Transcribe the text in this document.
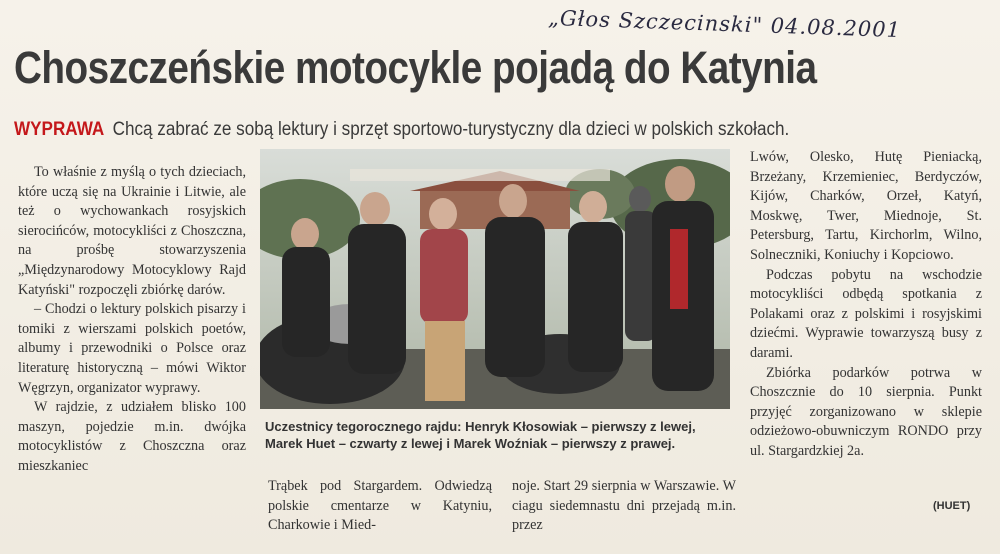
„Głos Szczecinski" 04.08.2001
Choszczeńskie motocykle pojadą do Katynia
WYPRAWA Chcą zabrać ze sobą lektury i sprzęt sportowo-turystyczny dla dzieci w polskich szkołach.

To właśnie z myślą o tych dzieciach, które uczą się na Ukrainie i Litwie, ale też o wychowankach rosyjskich sierocińców, motocykliści z Choszczna, na prośbę stowarzyszenia „Międzynarodowy Motocyklowy Rajd Katyński" rozpoczęli zbiórkę darów.

– Chodzi o lektury polskich pisarzy i tomiki z wierszami polskich poetów, albumy i przewodniki o Polsce oraz literaturę historyczną – mówi Wiktor Węgrzyn, organizator wyprawy.

W rajdzie, z udziałem blisko 100 maszyn, pojedzie m.in. dwójka motocyklistów z Choszczna oraz mieszkaniec

Uczestnicy tegorocznego rajdu: Henryk Kłosowiak – pierwszy z lewej, Marek Huet – czwarty z lewej i Marek Woźniak – pierwszy z prawej.

Trąbek pod Stargardem. Odwiedzą polskie cmentarze w Katyniu, Charkowie i Mied-

noje. Start 29 sierpnia w Warszawie. W ciagu siedemnastu dni przejadą m.in. przez

Lwów, Olesko, Hutę Pieniacką, Brzeżany, Krzemieniec, Berdyczów, Kijów, Charków, Orzeł, Katyń, Moskwę, Twer, Miednoje, St. Petersburg, Tartu, Kirchorlm, Wilno, Solneczniki, Koniuchy i Kopciowo.

Podczas pobytu na wschodzie motocykliści odbędą spotkania z Polakami oraz z polskimi i rosyjskimi dziećmi. Wyprawie towarzyszą busy z darami.

Zbiórka podarków potrwa w Choszcznie do 10 sierpnia. Punkt przyjęć zorganizowano w sklepie odzieżowo-obuwniczym RONDO przy ul. Stargardzkiej 2a.

(HUET)
